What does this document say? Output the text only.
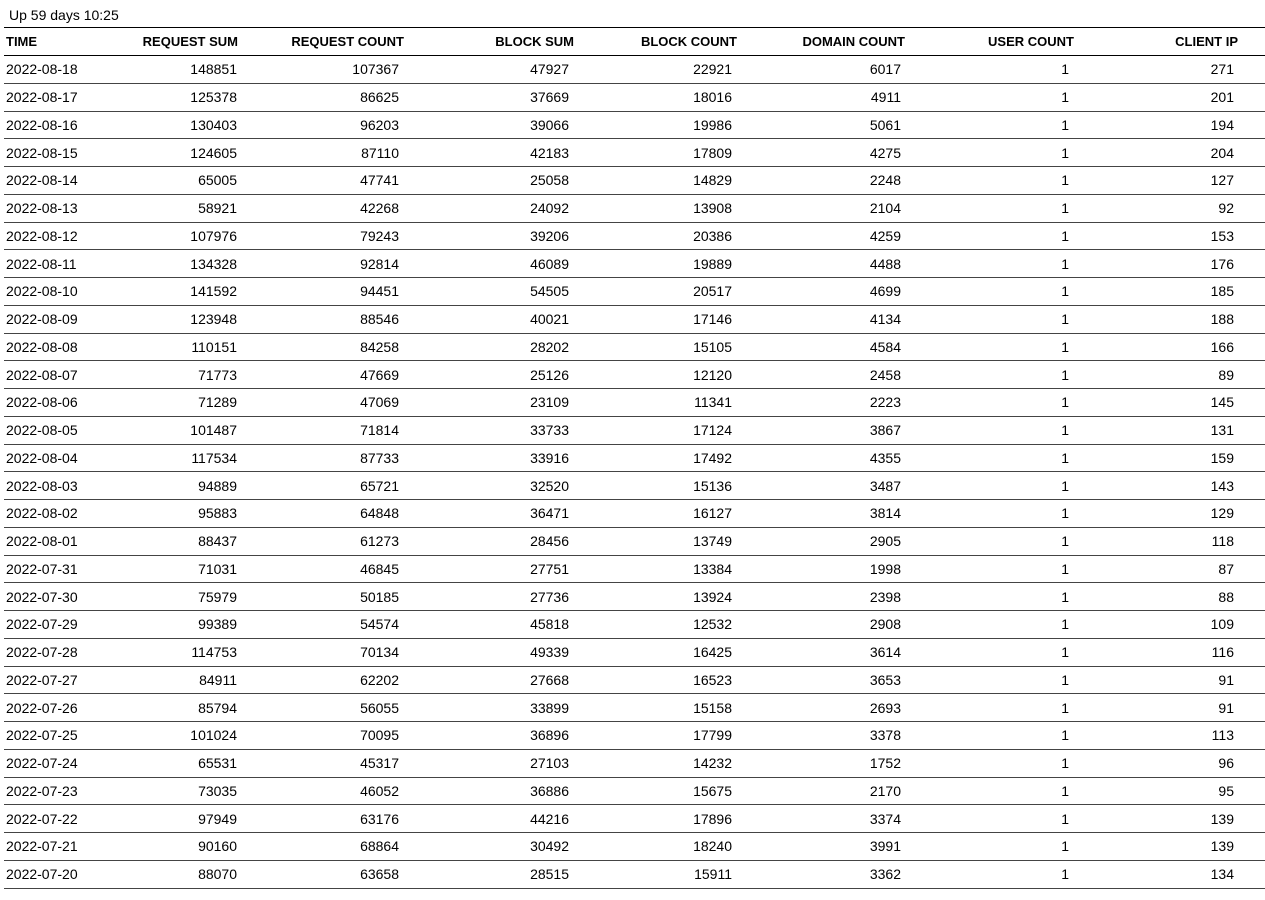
Up 59 days 10:25
TIME	REQUEST SUM	REQUEST COUNT	BLOCK SUM	BLOCK COUNT	DOMAIN COUNT	USER COUNT	CLIENT IP
2022-08-18	148851	107367	47927	22921	6017	1	271
2022-08-17	125378	86625	37669	18016	4911	1	201
2022-08-16	130403	96203	39066	19986	5061	1	194
2022-08-15	124605	87110	42183	17809	4275	1	204
2022-08-14	65005	47741	25058	14829	2248	1	127
2022-08-13	58921	42268	24092	13908	2104	1	92
2022-08-12	107976	79243	39206	20386	4259	1	153
2022-08-11	134328	92814	46089	19889	4488	1	176
2022-08-10	141592	94451	54505	20517	4699	1	185
2022-08-09	123948	88546	40021	17146	4134	1	188
2022-08-08	110151	84258	28202	15105	4584	1	166
2022-08-07	71773	47669	25126	12120	2458	1	89
2022-08-06	71289	47069	23109	11341	2223	1	145
2022-08-05	101487	71814	33733	17124	3867	1	131
2022-08-04	117534	87733	33916	17492	4355	1	159
2022-08-03	94889	65721	32520	15136	3487	1	143
2022-08-02	95883	64848	36471	16127	3814	1	129
2022-08-01	88437	61273	28456	13749	2905	1	118
2022-07-31	71031	46845	27751	13384	1998	1	87
2022-07-30	75979	50185	27736	13924	2398	1	88
2022-07-29	99389	54574	45818	12532	2908	1	109
2022-07-28	114753	70134	49339	16425	3614	1	116
2022-07-27	84911	62202	27668	16523	3653	1	91
2022-07-26	85794	56055	33899	15158	2693	1	91
2022-07-25	101024	70095	36896	17799	3378	1	113
2022-07-24	65531	45317	27103	14232	1752	1	96
2022-07-23	73035	46052	36886	15675	2170	1	95
2022-07-22	97949	63176	44216	17896	3374	1	139
2022-07-21	90160	68864	30492	18240	3991	1	139
2022-07-20	88070	63658	28515	15911	3362	1	134
